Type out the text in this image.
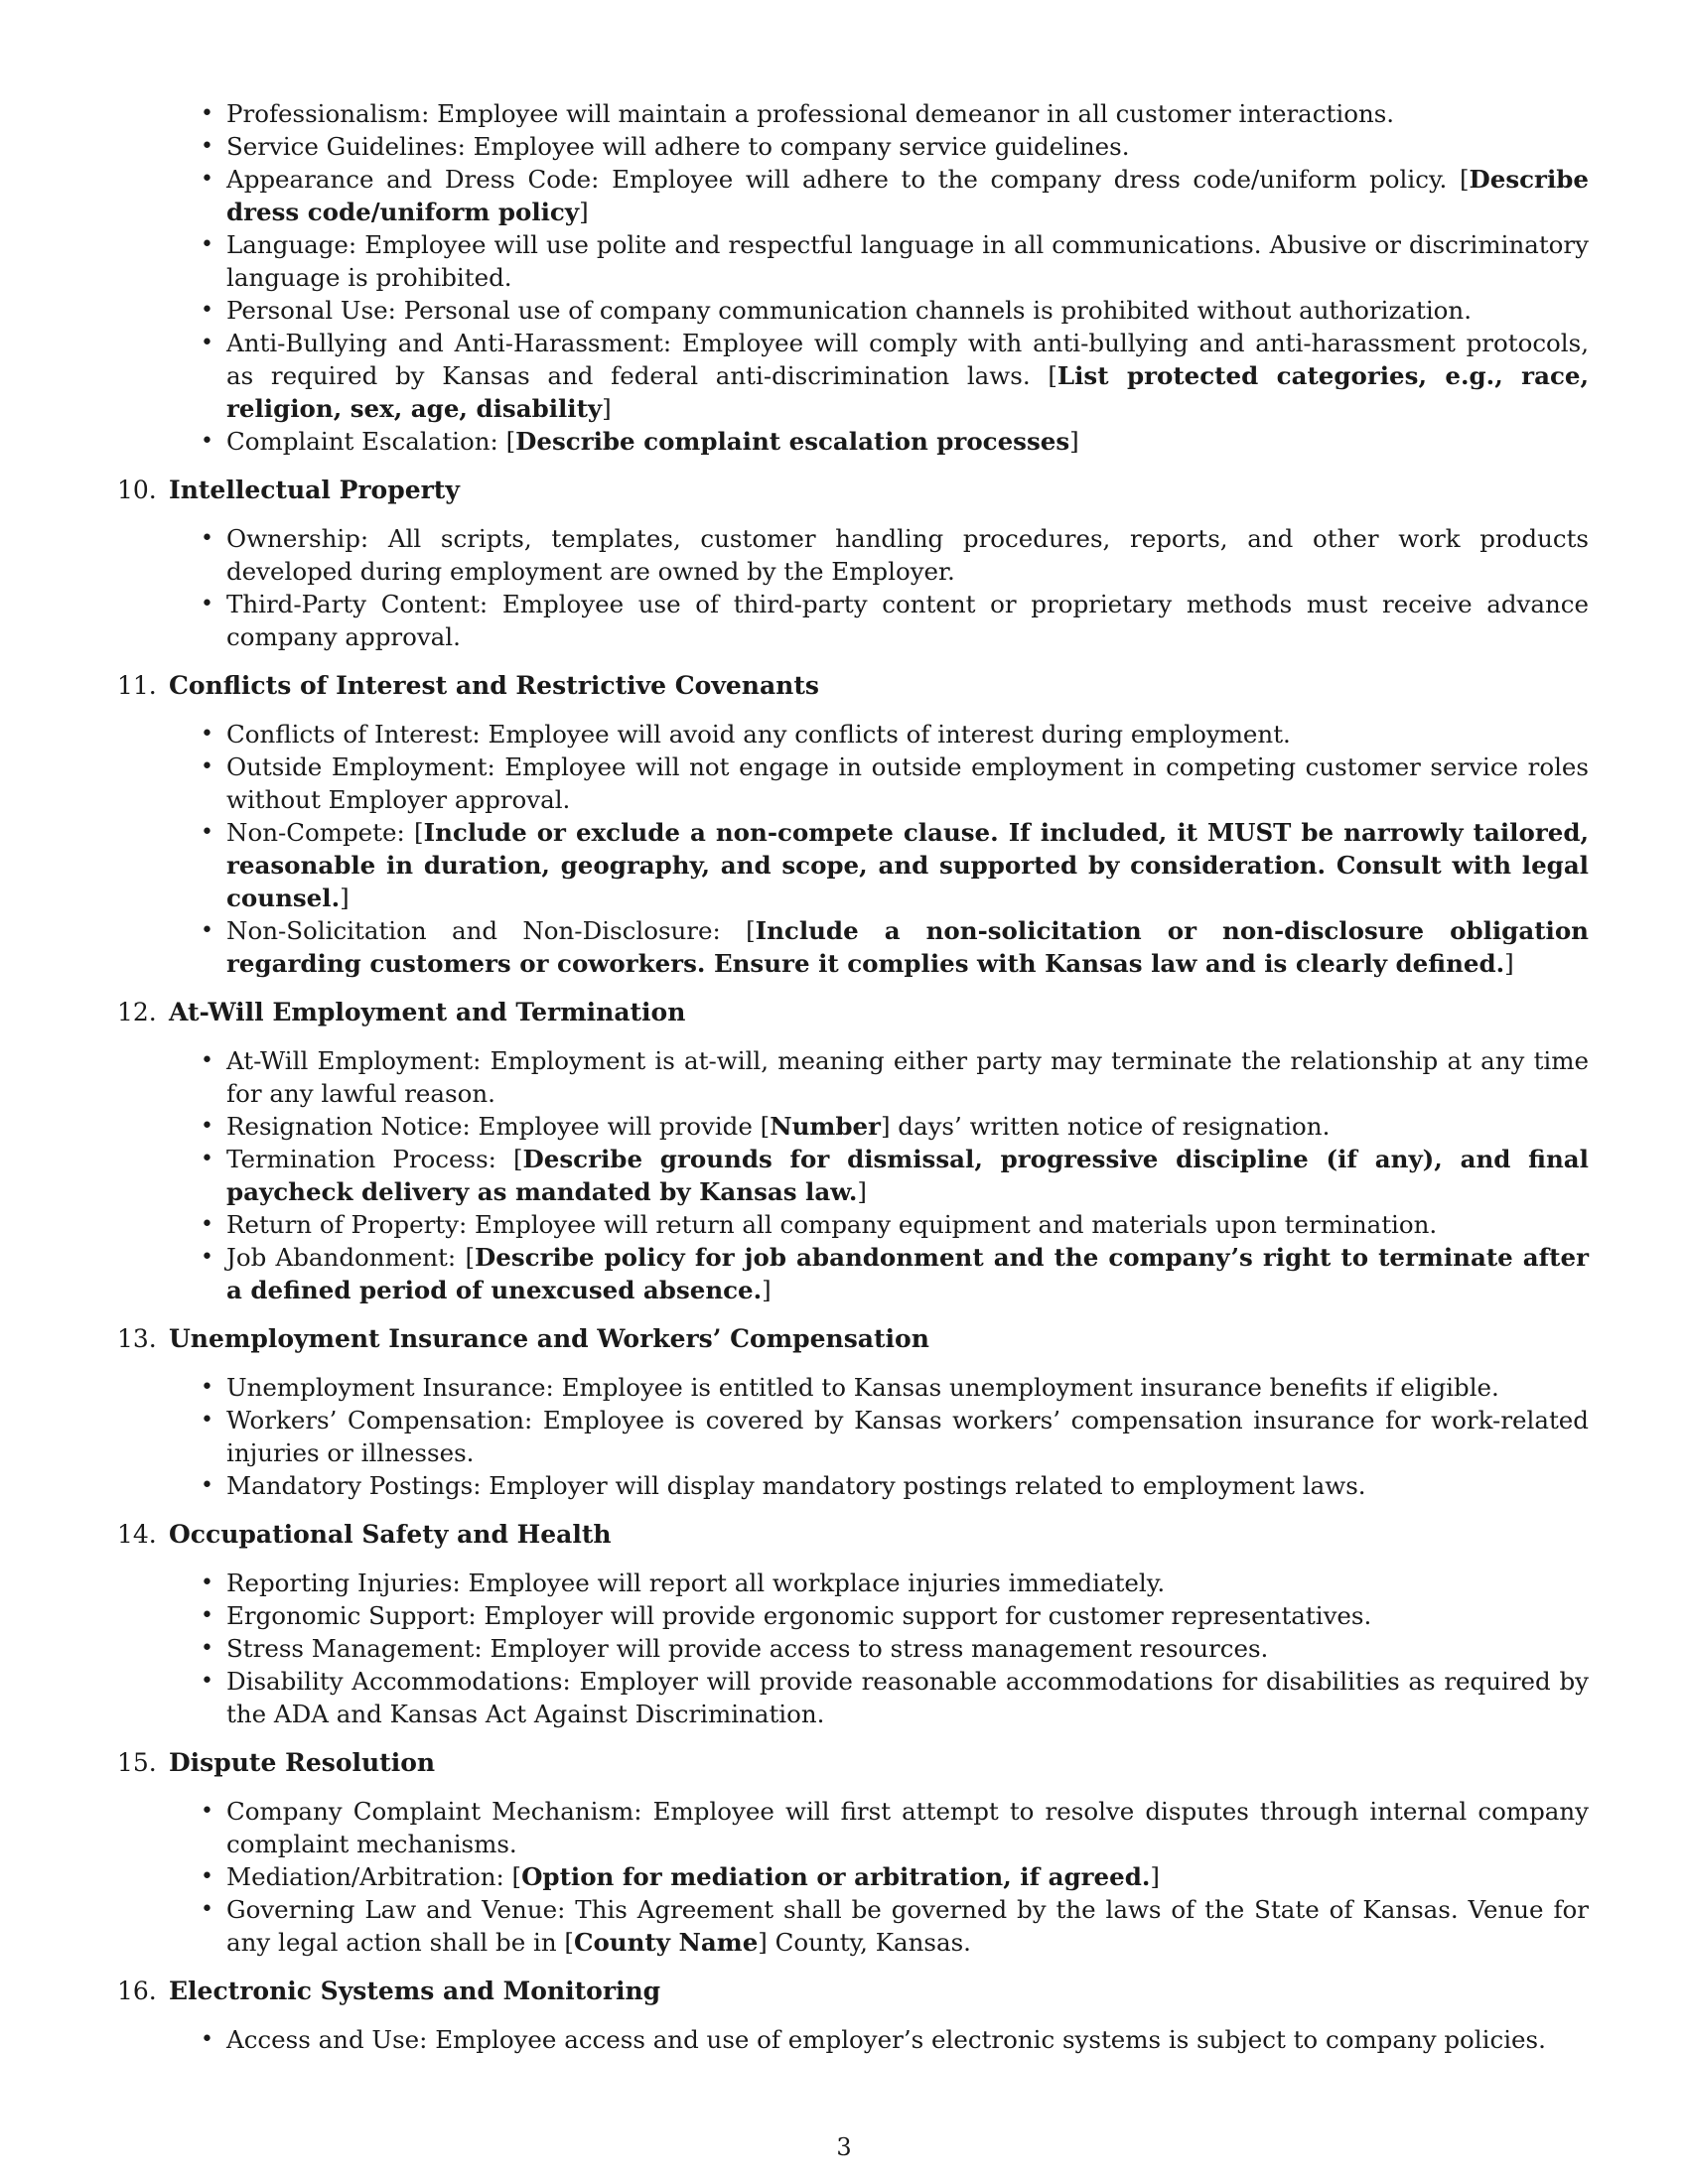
• Professionalism: Employee will maintain a professional demeanor in all customer interactions.
• Service Guidelines: Employee will adhere to company service guidelines.
• Appearance and Dress Code: Employee will adhere to the company dress code/uniform policy. [Describe dress code/uniform policy]
• Language: Employee will use polite and respectful language in all communications. Abusive or discriminatory language is prohibited.
• Personal Use: Personal use of company communication channels is prohibited without authorization.
• Anti-Bullying and Anti-Harassment: Employee will comply with anti-bullying and anti-harassment protocols, as required by Kansas and federal anti-discrimination laws. [List protected categories, e.g., race, religion, sex, age, disability]
• Complaint Escalation: [Describe complaint escalation processes]
10. Intellectual Property
• Ownership: All scripts, templates, customer handling procedures, reports, and other work products developed during employment are owned by the Employer.
• Third-Party Content: Employee use of third-party content or proprietary methods must receive advance company approval.
11. Conflicts of Interest and Restrictive Covenants
• Conflicts of Interest: Employee will avoid any conflicts of interest during employment.
• Outside Employment: Employee will not engage in outside employment in competing customer service roles without Employer approval.
• Non-Compete: [Include or exclude a non-compete clause. If included, it MUST be narrowly tailored, reasonable in duration, geography, and scope, and supported by consideration. Consult with legal counsel.]
• Non-Solicitation and Non-Disclosure: [Include a non-solicitation or non-disclosure obligation regarding customers or coworkers. Ensure it complies with Kansas law and is clearly defined.]
12. At-Will Employment and Termination
• At-Will Employment: Employment is at-will, meaning either party may terminate the relationship at any time for any lawful reason.
• Resignation Notice: Employee will provide [Number] days’ written notice of resignation.
• Termination Process: [Describe grounds for dismissal, progressive discipline (if any), and final paycheck delivery as mandated by Kansas law.]
• Return of Property: Employee will return all company equipment and materials upon termination.
• Job Abandonment: [Describe policy for job abandonment and the company’s right to terminate after a defined period of unexcused absence.]
13. Unemployment Insurance and Workers’ Compensation
• Unemployment Insurance: Employee is entitled to Kansas unemployment insurance benefits if eligible.
• Workers’ Compensation: Employee is covered by Kansas workers’ compensation insurance for work-related injuries or illnesses.
• Mandatory Postings: Employer will display mandatory postings related to employment laws.
14. Occupational Safety and Health
• Reporting Injuries: Employee will report all workplace injuries immediately.
• Ergonomic Support: Employer will provide ergonomic support for customer representatives.
• Stress Management: Employer will provide access to stress management resources.
• Disability Accommodations: Employer will provide reasonable accommodations for disabilities as required by the ADA and Kansas Act Against Discrimination.
15. Dispute Resolution
• Company Complaint Mechanism: Employee will first attempt to resolve disputes through internal company complaint mechanisms.
• Mediation/Arbitration: [Option for mediation or arbitration, if agreed.]
• Governing Law and Venue: This Agreement shall be governed by the laws of the State of Kansas. Venue for any legal action shall be in [County Name] County, Kansas.
16. Electronic Systems and Monitoring
• Access and Use: Employee access and use of employer’s electronic systems is subject to company policies.
3
